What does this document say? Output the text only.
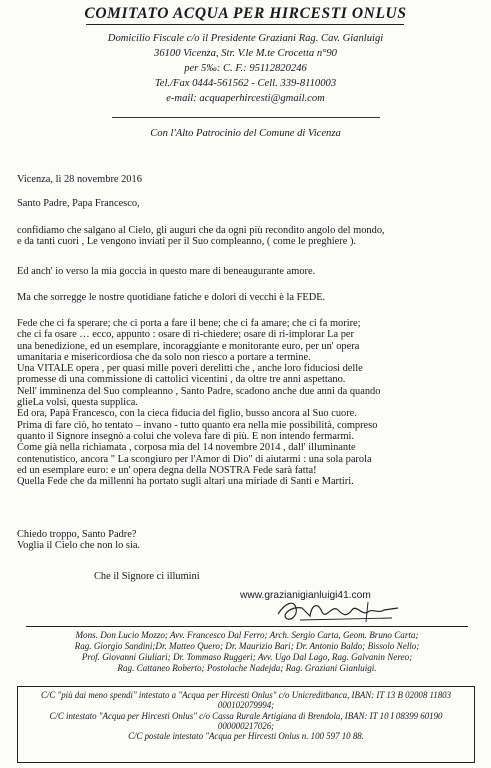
COMITATO ACQUA PER HIRCESTI ONLUS
Domicilio Fiscale c/o il Presidente Graziani Rag. Cav. Gianluigi
36100 Vicenza, Str. V.le M.te Crocetta n°90
per 5‰: C. F.: 95112820246
Tel./Fax 0444-561562 - Cell. 339-8110003
e-mail: acquaperhircesti@gmail.com
Con l'Alto Patrocinio del Comune di Vicenza
Vicenza, lì 28 novembre 2016
Santo Padre, Papa Francesco,
confidiamo che salgano al Cielo, gli auguri che da ogni più recondito angolo del mondo,
e da tanti cuori , Le vengono inviati per il Suo compleanno, ( come le preghiere ).
Ed anch' io verso la mia goccia in questo mare di beneaugurante amore.
Ma che sorregge le nostre quotidiane fatiche e dolori di vecchi è la FEDE.
Fede che ci fa sperare; che ci porta a fare il bene; che ci fa amare; che ci fa morire;
che ci fa osare … ecco, appunto : osare di ri-chiedere; osare di ri-implorar La per
una benedizione, ed un esemplare, incoraggiante e monitorante euro, per un' opera
umanitaria e misericordiosa che da solo non riesco a portare a termine.
Una VITALE opera , per quasi mille poveri derelitti che , anche loro fiduciosi delle
promesse di una commissione di cattolici vicentini , da oltre tre anni aspettano.
Nell' imminenza del Suo compleanno , Santo Padre, scadono anche due anni da quando
glieLa volsi, questa supplica.
Ed ora, Papà Francesco, con la cieca fiducia del figlio, busso ancora al Suo cuore.
Prima di fare ciò, ho tentato – invano - tutto quanto era nella mie possibilità, compreso
quanto il Signore insegnò a colui che voleva fare di più. E non intendo fermarmi.
Come già nella richiamata , corposa mia del 14 novembre 2014 , dall' illuminante
contenutistico, ancora " La scongiuro per l'Amor di Dio" di aiutarmi : una sola parola
ed un esemplare euro: e un' opera degna della NOSTRA Fede sarà fatta!
Quella Fede che da millenni ha portato sugli altari una miriade di Santi e Martiri.
Chiedo troppo, Santo Padre?
Voglia il Cielo che non lo sia.
Che il Signore ci illumini
www.grazianigianluigi41.com
Mons. Don Lucio Mozzo; Avv. Francesco Dal Ferro; Arch. Sergio Carta, Geom. Bruno Carta;
Rag. Giorgio Sandini;Dr. Matteo Quero; Dr. Maurizio Bari; Dr. Antonio Baldo; Bissolo Nello;
Prof. Giovanni Giuliari; Dr. Tommaso Ruggeri; Avv. Ugo Dal Lago, Rag. Galvanin Nereo;
Rag. Cattaneo Roberto; Postolache Nadejda; Rag. Graziani Gianluigi.
C/C "più dai meno spendi" intestato a "Acqua per Hircesti Onlus" c/o Unicreditbanca, IBAN: IT 13 B 02008 11803
000102079994;
C/C intestato "Acqua per Hircesti Onlus" c/o Cassa Rurale Artigiana di Brendola, IBAN: IT 10 I 08399 60190
000000217026;
C/C postale intestato "Acqua per Hircesti Onlus n. 100 597 10 88.
